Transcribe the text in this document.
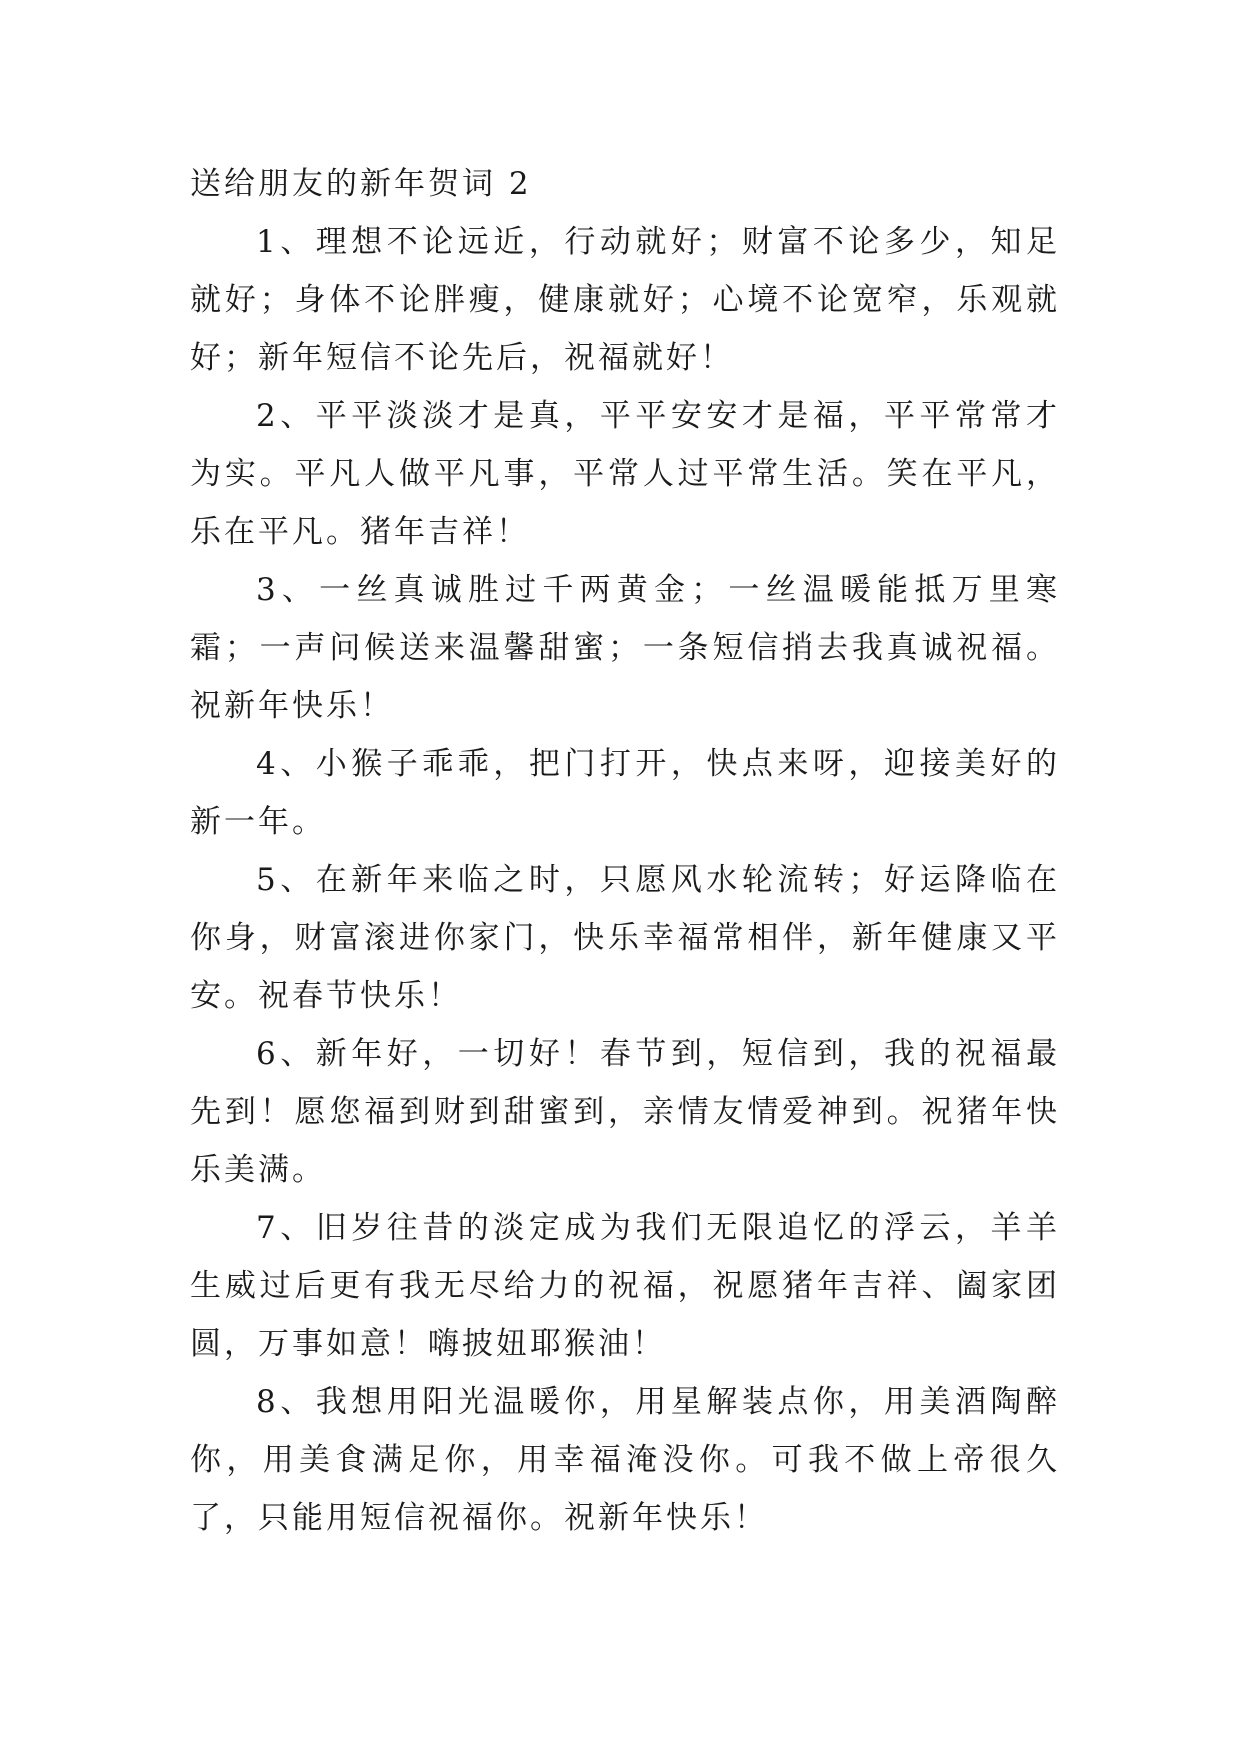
送给朋友的新年贺词 2

1、理想不论远近，行动就好；财富不论多少，知足就好；身体不论胖瘦，健康就好；心境不论宽窄，乐观就好；新年短信不论先后，祝福就好！

2、平平淡淡才是真，平平安安才是福，平平常常才为实。平凡人做平凡事，平常人过平常生活。笑在平凡，乐在平凡。猪年吉祥！

3、一丝真诚胜过千两黄金；一丝温暖能抵万里寒霜；一声问候送来温馨甜蜜；一条短信捎去我真诚祝福。祝新年快乐！

4、小猴子乖乖，把门打开，快点来呀，迎接美好的新一年。

5、在新年来临之时，只愿风水轮流转；好运降临在你身，财富滚进你家门，快乐幸福常相伴，新年健康又平安。祝春节快乐！

6、新年好，一切好！春节到，短信到，我的祝福最先到！愿您福到财到甜蜜到，亲情友情爱神到。祝猪年快乐美满。

7、旧岁往昔的淡定成为我们无限追忆的浮云，羊羊生威过后更有我无尽给力的祝福，祝愿猪年吉祥、阖家团圆，万事如意！嗨披妞耶猴油！

8、我想用阳光温暖你，用星解装点你，用美酒陶醉你，用美食满足你，用幸福淹没你。可我不做上帝很久了，只能用短信祝福你。祝新年快乐！
